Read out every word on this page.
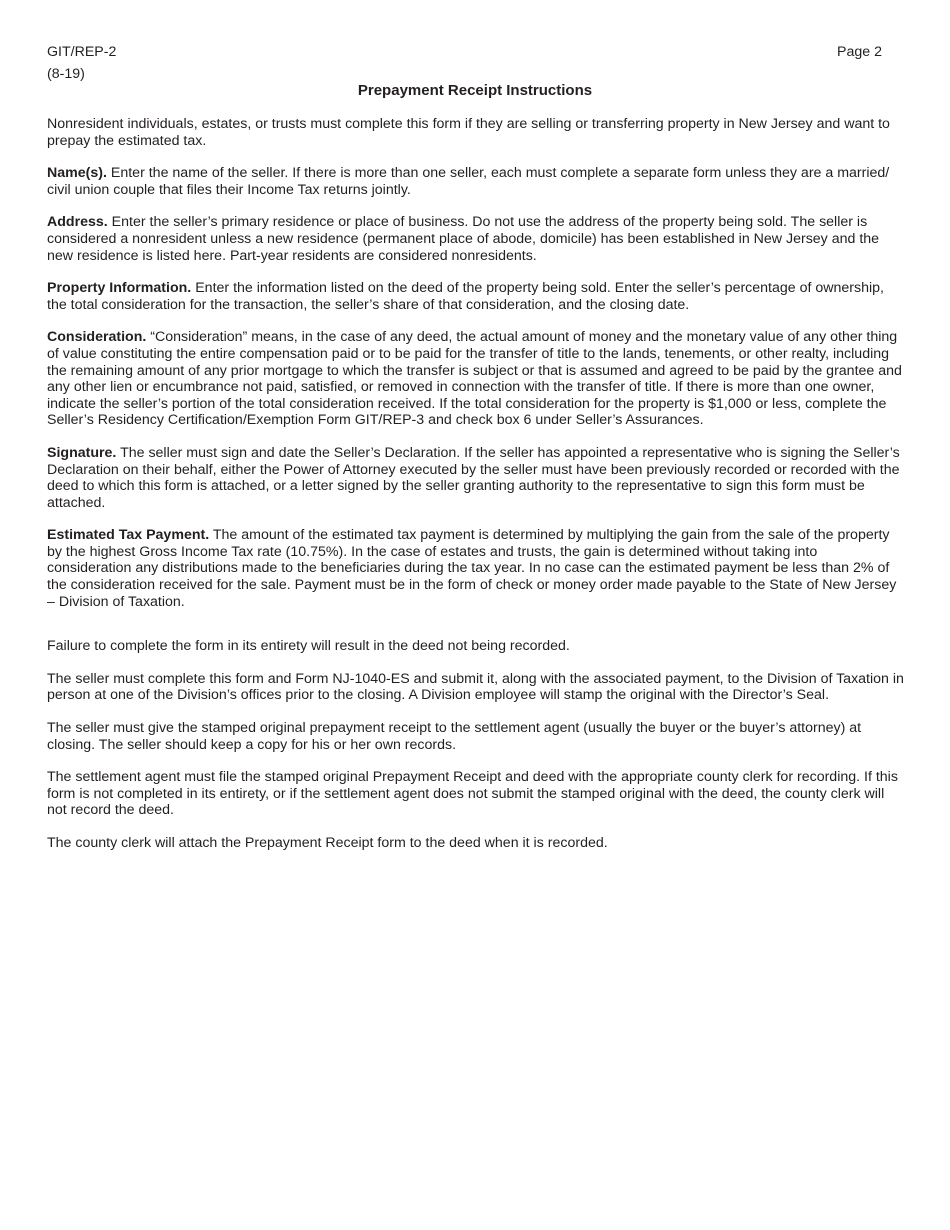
GIT/REP-2
(8-19)
Page 2
Prepayment Receipt Instructions

Nonresident individuals, estates, or trusts must complete this form if they are selling or transferring property in New Jersey and want to prepay the estimated tax.

Name(s). Enter the name of the seller. If there is more than one seller, each must complete a separate form unless they are a married/ civil union couple that files their Income Tax returns jointly.

Address. Enter the seller’s primary residence or place of business. Do not use the address of the property being sold. The seller is considered a nonresident unless a new residence (permanent place of abode, domicile) has been established in New Jersey and the new residence is listed here. Part-year residents are considered nonresidents.

Property Information. Enter the information listed on the deed of the property being sold. Enter the seller’s percentage of ownership, the total consideration for the transaction, the seller’s share of that consideration, and the closing date.

Consideration. “Consideration” means, in the case of any deed, the actual amount of money and the monetary value of any other thing of value constituting the entire compensation paid or to be paid for the transfer of title to the lands, tenements, or other realty, including the remaining amount of any prior mortgage to which the transfer is subject or that is assumed and agreed to be paid by the grantee and any other lien or encumbrance not paid, satisfied, or removed in connection with the transfer of title. If there is more than one owner, indicate the seller’s portion of the total consideration received. If the total consideration for the property is $1,000 or less, complete the Seller’s Residency Certification/Exemption Form GIT/REP-3 and check box 6 under Seller’s Assurances.

Signature. The seller must sign and date the Seller’s Declaration. If the seller has appointed a representative who is signing the Seller’s Declaration on their behalf, either the Power of Attorney executed by the seller must have been previously recorded or recorded with the deed to which this form is attached, or a letter signed by the seller granting authority to the representative to sign this form must be attached.

Estimated Tax Payment. The amount of the estimated tax payment is determined by multiplying the gain from the sale of the property by the highest Gross Income Tax rate (10.75%). In the case of estates and trusts, the gain is determined without taking into consideration any distributions made to the beneficiaries during the tax year. In no case can the estimated payment be less than 2% of the consideration received for the sale. Payment must be in the form of check or money order made payable to the State of New Jersey – Division of Taxation.

Failure to complete the form in its entirety will result in the deed not being recorded.

The seller must complete this form and Form NJ-1040-ES and submit it, along with the associated payment, to the Division of Taxation in person at one of the Division’s offices prior to the closing. A Division employee will stamp the original with the Director’s Seal.

The seller must give the stamped original prepayment receipt to the settlement agent (usually the buyer or the buyer’s attorney) at closing. The seller should keep a copy for his or her own records.

The settlement agent must file the stamped original Prepayment Receipt and deed with the appropriate county clerk for recording. If this form is not completed in its entirety, or if the settlement agent does not submit the stamped original with the deed, the county clerk will not record the deed.

The county clerk will attach the Prepayment Receipt form to the deed when it is recorded.
